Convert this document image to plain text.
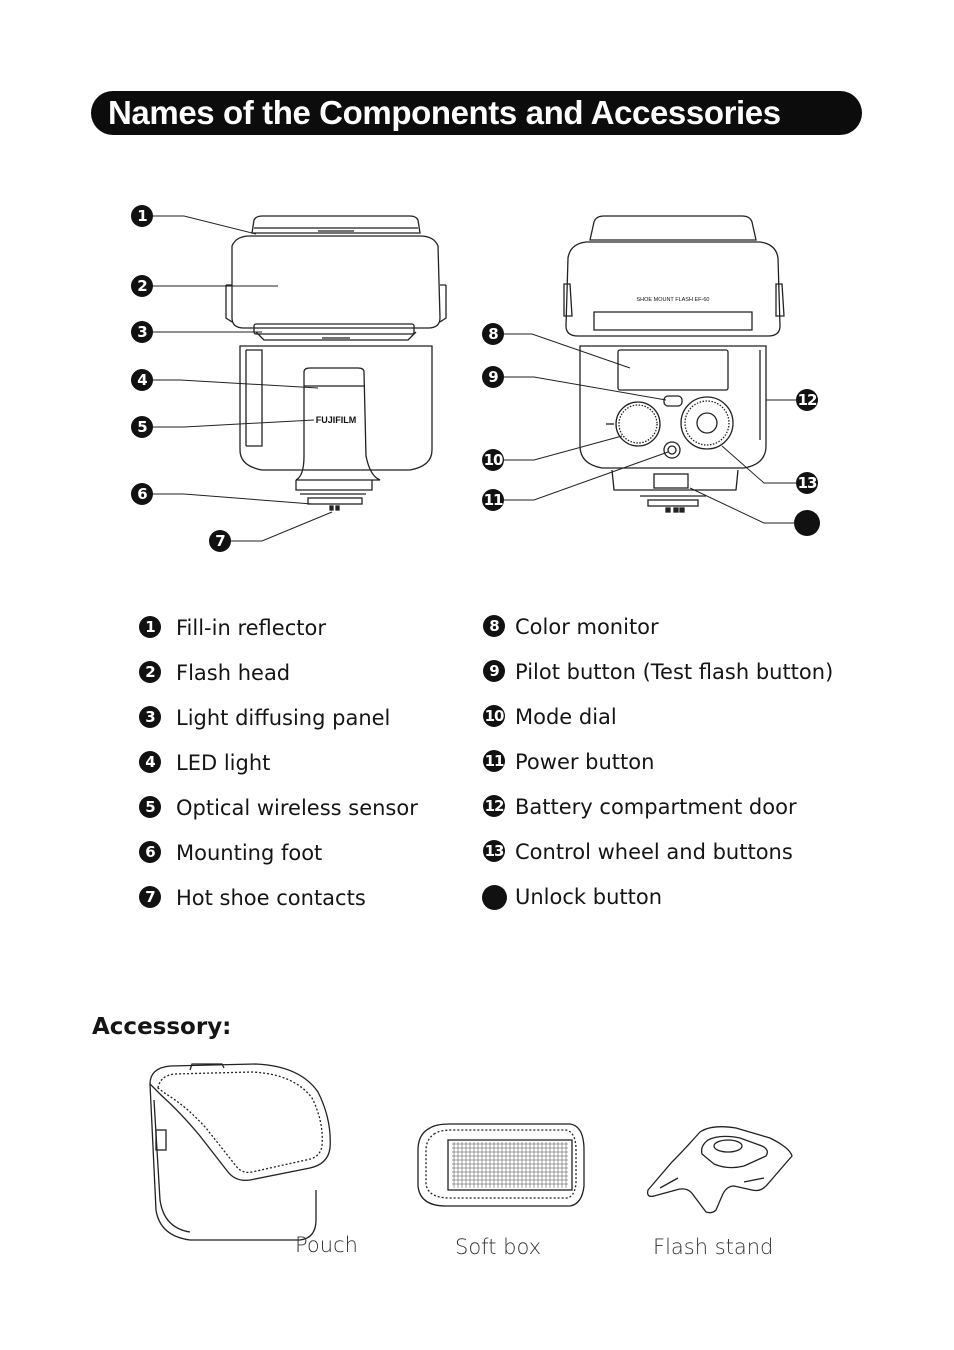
Names of the Components and Accessories
FUJIFILM
SHOE MOUNT FLASH EF-60
1
2
3
4
5
6
7
8
9
10
11
12
13
1 Fill-in reflector
2 Flash head
3 Light diffusing panel
4 LED light
5 Optical wireless sensor
6 Mounting foot
7 Hot shoe contacts
8 Color monitor
9 Pilot button (Test flash button)
10 Mode dial
11 Power button
12 Battery compartment door
13 Control wheel and buttons
Unlock button
Accessory:
Pouch	Soft box	Flash stand
